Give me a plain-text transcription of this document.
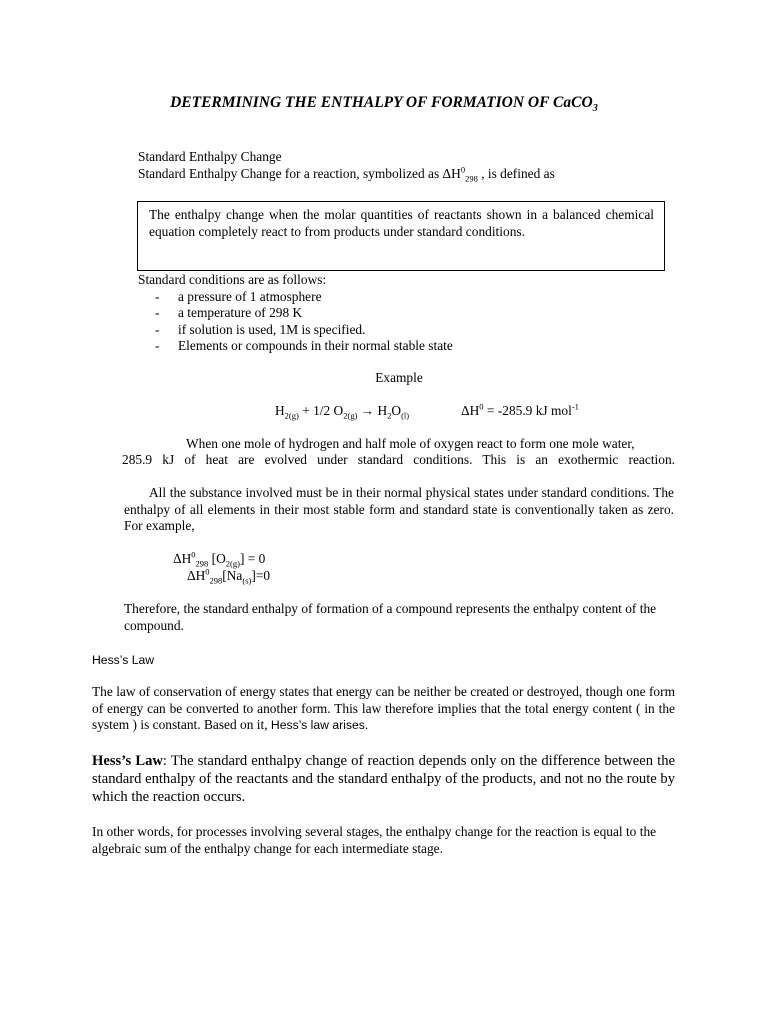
DETERMINING THE ENTHALPY OF FORMATION OF CaCO$_3$
Standard Enthalpy Change
Standard Enthalpy Change for a reaction, symbolized as $\Delta H^0_{298}$ , is defined as
The enthalpy change when the molar quantities of reactants shown in a balanced chemical equation completely react to from products under standard conditions.
Standard conditions are as follows:
- a pressure of 1 atmosphere
- a temperature of 298 K
- if solution is used, 1M is specified.
- Elements or compounds in their normal stable state
Example
$H_{2(g)} + 1/2$ $O_{2(g)} \to H_2O_{(l)}$	$\Delta H^0 = -285.9$ kJ mol$^{-1}$
When one mole of hydrogen and half mole of oxygen react to form one mole water,
285.9 kJ of heat are evolved under standard conditions. This is an exothermic reaction.
All the substance involved must be in their normal physical states under standard conditions. The enthalpy of all elements in their most stable form and standard state is conventionally taken as zero. For example,
$\Delta H^0_{298}$ $[O_{2(g)}] = 0$
$\Delta H^0_{298}[Na_{(s)}]=0$
Therefore, the standard enthalpy of formation of a compound represents the enthalpy content of the compound.
Hess’s Law
The law of conservation of energy states that energy can be neither be created or destroyed, though one form of energy can be converted to another form. This law therefore implies that the total energy content ( in the system ) is constant. Based on it, Hess’s law arises.
Hess’s Law: The standard enthalpy change of reaction depends only on the difference between the standard enthalpy of the reactants and the standard enthalpy of the products, and not no the route by which the reaction occurs.
In other words, for processes involving several stages, the enthalpy change for the reaction is equal to the algebraic sum of the enthalpy change for each intermediate stage.
